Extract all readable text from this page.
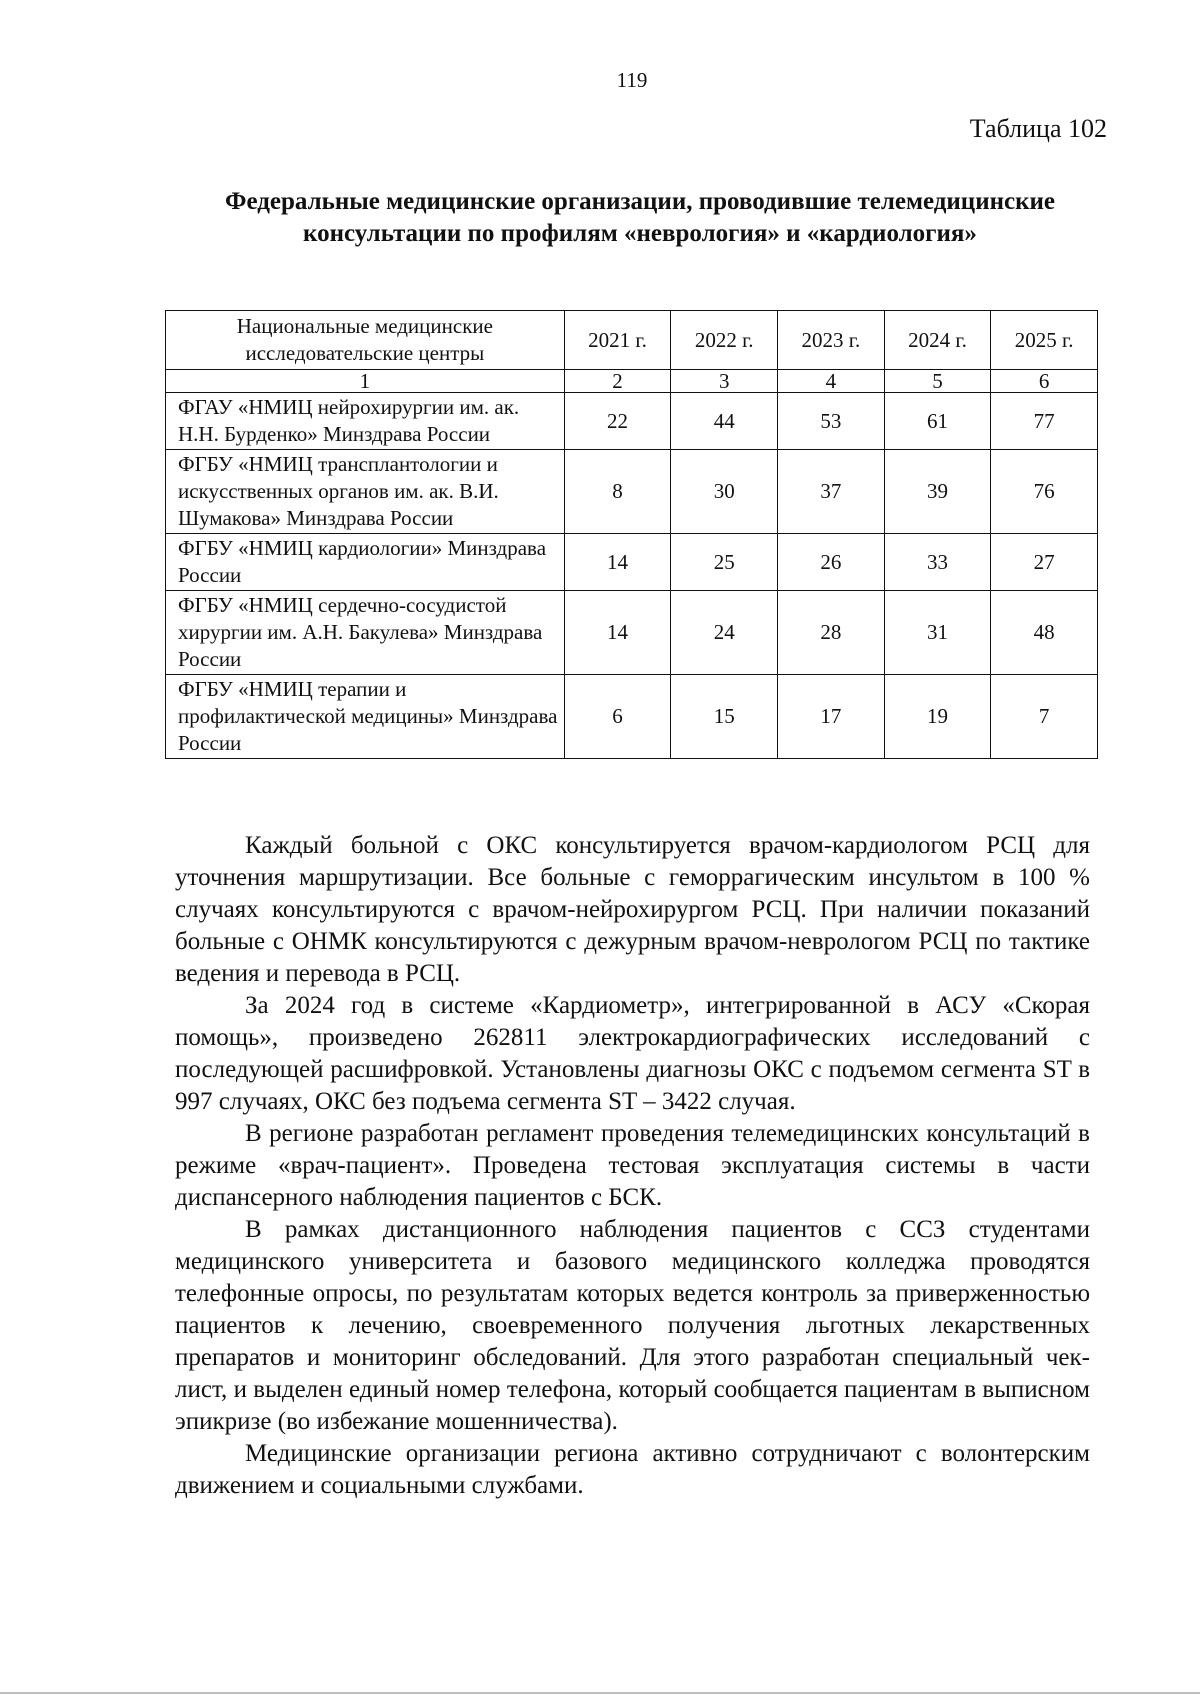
119
Таблица 102
Федеральные медицинские организации, проводившие телемедицинские консультации по профилям «неврология» и «кардиология»
Национальные медицинские исследовательские центры	2021 г.	2022 г.	2023 г.	2024 г.	2025 г.
1	2	3	4	5	6
ФГАУ «НМИЦ нейрохирургии им. ак. Н.Н. Бурденко» Минздрава России	22	44	53	61	77
ФГБУ «НМИЦ трансплантологии и искусственных органов им. ак. В.И. Шумакова» Минздрава России	8	30	37	39	76
ФГБУ «НМИЦ кардиологии» Минздрава России	14	25	26	33	27
ФГБУ «НМИЦ сердечно-сосудистой хирургии им. А.Н. Бакулева» Минздрава России	14	24	28	31	48
ФГБУ «НМИЦ терапии и профилактической медицины» Минздрава России	6	15	17	19	7

Каждый больной с ОКС консультируется врачом-кардиологом РСЦ для уточнения маршрутизации. Все больные с геморрагическим инсультом в 100 % случаях консультируются с врачом-нейрохирургом РСЦ. При наличии показаний больные с ОНМК консультируются с дежурным врачом-неврологом РСЦ по тактике ведения и перевода в РСЦ.

За 2024 год в системе «Кардиометр», интегрированной в АСУ «Скорая помощь», произведено 262811 электрокардиографических исследований с последующей расшифровкой. Установлены диагнозы ОКС с подъемом сегмента ST в 997 случаях, ОКС без подъема сегмента ST – 3422 случая.

В регионе разработан регламент проведения телемедицинских консультаций в режиме «врач-пациент». Проведена тестовая эксплуатация системы в части диспансерного наблюдения пациентов с БСК.

В рамках дистанционного наблюдения пациентов с ССЗ студентами медицинского университета и базового медицинского колледжа проводятся телефонные опросы, по результатам которых ведется контроль за приверженностью пациентов к лечению, своевременного получения льготных лекарственных препаратов и мониторинг обследований. Для этого разработан специальный чек-лист, и выделен единый номер телефона, который сообщается пациентам в выписном эпикризе (во избежание мошенничества).

Медицинские организации региона активно сотрудничают с волонтерским движением и социальными службами.
